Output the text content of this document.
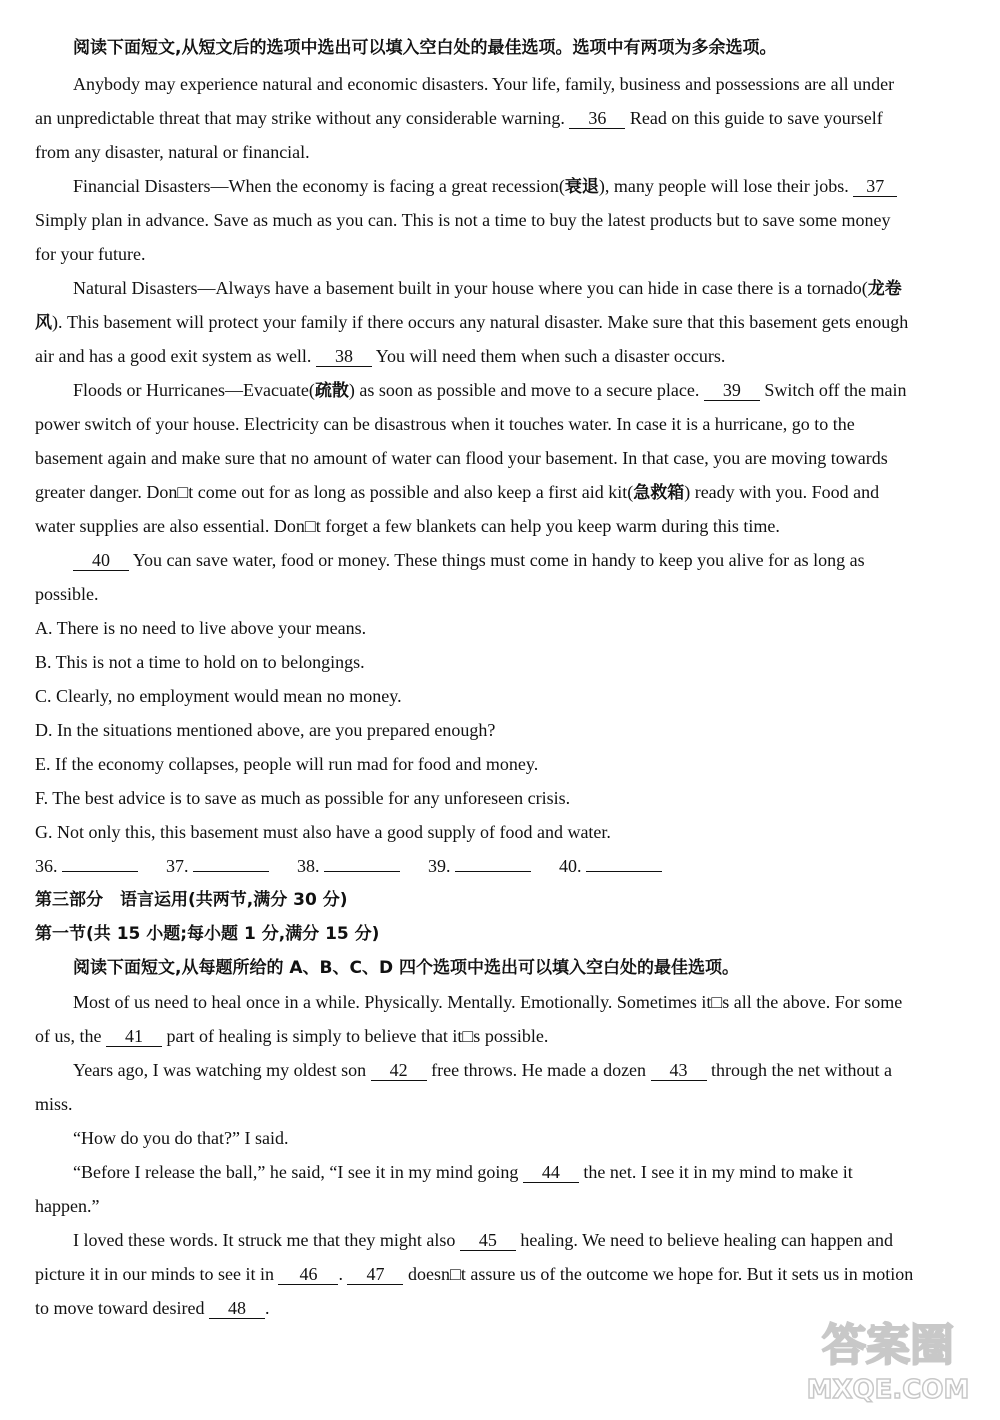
阅读下面短文,从短文后的选项中选出可以填入空白处的最佳选项。选项中有两项为多余选项。
Anybody may experience natural and economic disasters. Your life, family, business and possessions are all under
an unpredictable threat that may strike without any considerable warning. 36 Read on this guide to save yourself
from any disaster, natural or financial.
Financial Disasters—When the economy is facing a great recession(衰退), many people will lose their jobs. 37
Simply plan in advance. Save as much as you can. This is not a time to buy the latest products but to save some money
for your future.
Natural Disasters—Always have a basement built in your house where you can hide in case there is a tornado(龙卷
风). This basement will protect your family if there occurs any natural disaster. Make sure that this basement gets enough
air and has a good exit system as well. 38 You will need them when such a disaster occurs.
Floods or Hurricanes—Evacuate(疏散) as soon as possible and move to a secure place. 39 Switch off the main
power switch of your house. Electricity can be disastrous when it touches water. In case it is a hurricane, go to the
basement again and make sure that no amount of water can flood your basement. In that case, you are moving towards
greater danger. Don□t come out for as long as possible and also keep a first aid kit(急救箱) ready with you. Food and
water supplies are also essential. Don□t forget a few blankets can help you keep warm during this time.
40 You can save water, food or money. These things must come in handy to keep you alive for as long as
possible.
A. There is no need to live above your means.
B. This is not a time to hold on to belongings.
C. Clearly, no employment would mean no money.
D. In the situations mentioned above, are you prepared enough?
E. If the economy collapses, people will run mad for food and money.
F. The best advice is to save as much as possible for any unforeseen crisis.
G. Not only this, this basement must also have a good supply of food and water.
36.	37.	38.	39.	40.
第三部分　语言运用(共两节,满分 30 分)
第一节(共 15 小题;每小题 1 分,满分 15 分)
阅读下面短文,从每题所给的 A、B、C、D 四个选项中选出可以填入空白处的最佳选项。
Most of us need to heal once in a while. Physically. Mentally. Emotionally. Sometimes it□s all the above. For some
of us, the 41 part of healing is simply to believe that it□s possible.
Years ago, I was watching my oldest son 42 free throws. He made a dozen 43 through the net without a
miss.
“How do you do that?” I said.
“Before I release the ball,” he said, “I see it in my mind going 44 the net. I see it in my mind to make it
happen.”
I loved these words. It struck me that they might also 45 healing. We need to believe healing can happen and
picture it in our minds to see it in 46 . 47 doesn□t assure us of the outcome we hope for. But it sets us in motion
to move toward desired 48 .
答案圈
MXQE.COM
